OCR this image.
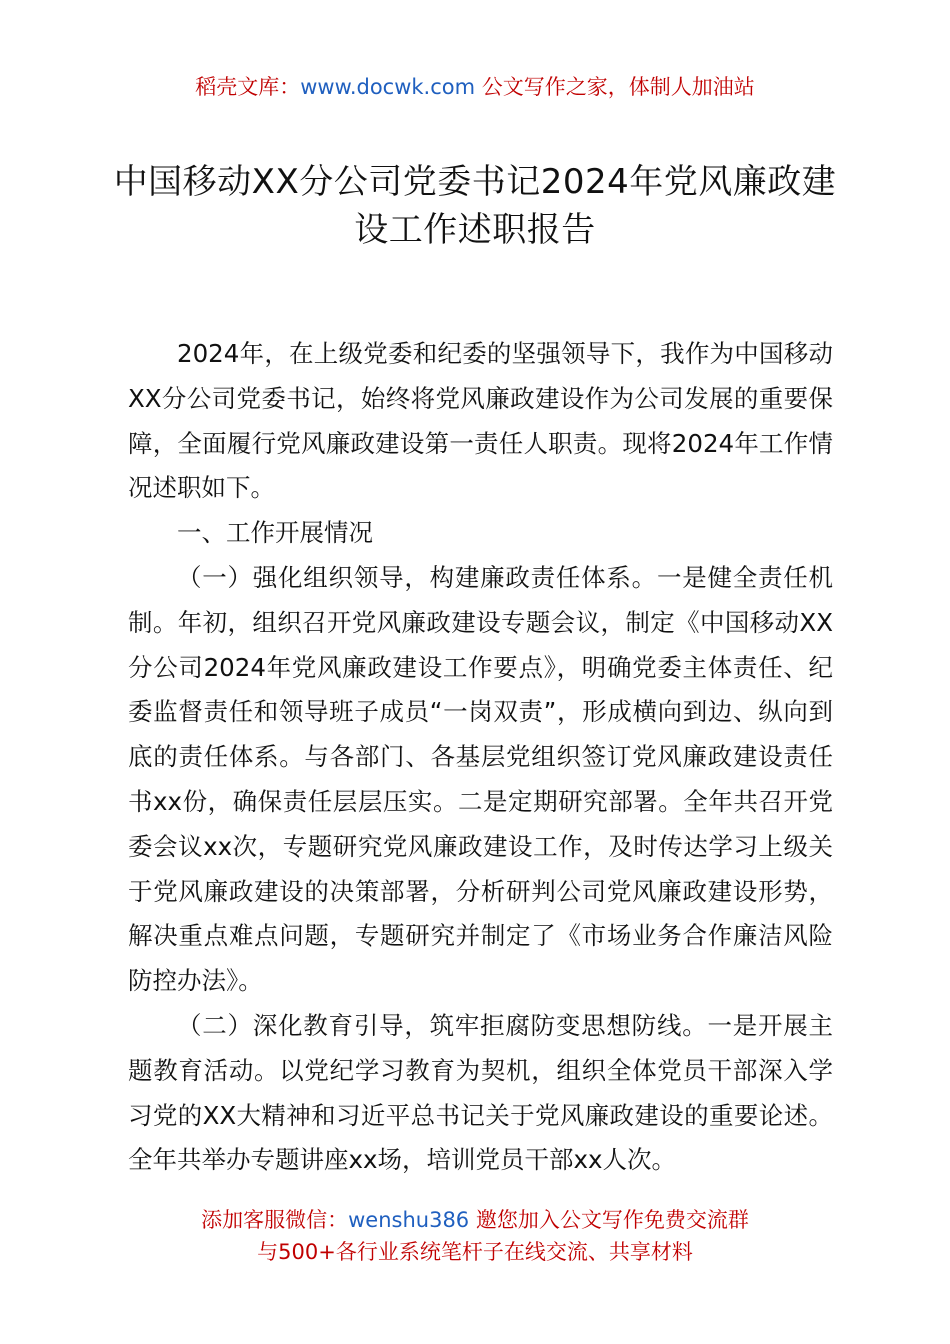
稻壳文库：www.docwk.com 公文写作之家，体制人加油站
中国移动XX分公司党委书记2024年党风廉政建设工作述职报告

2024年，在上级党委和纪委的坚强领导下，我作为中国移动XX分公司党委书记，始终将党风廉政建设作为公司发展的重要保障，全面履行党风廉政建设第一责任人职责。现将2024年工作情况述职如下。

一、工作开展情况

（一）强化组织领导，构建廉政责任体系。一是健全责任机制。年初，组织召开党风廉政建设专题会议，制定《中国移动XX分公司2024年党风廉政建设工作要点》，明确党委主体责任、纪委监督责任和领导班子成员“一岗双责”，形成横向到边、纵向到底的责任体系。与各部门、各基层党组织签订党风廉政建设责任书xx份，确保责任层层压实。二是定期研究部署。全年共召开党委会议xx次，专题研究党风廉政建设工作，及时传达学习上级关于党风廉政建设的决策部署，分析研判公司党风廉政建设形势，解决重点难点问题，专题研究并制定了《市场业务合作廉洁风险防控办法》。

（二）深化教育引导，筑牢拒腐防变思想防线。一是开展主题教育活动。以党纪学习教育为契机，组织全体党员干部深入学习党的XX大精神和习近平总书记关于党风廉政建设的重要论述。全年共举办专题讲座xx场，培训党员干部xx人次。

添加客服微信：wenshu386 邀您加入公文写作免费交流群
与500+各行业系统笔杆子在线交流、共享材料
